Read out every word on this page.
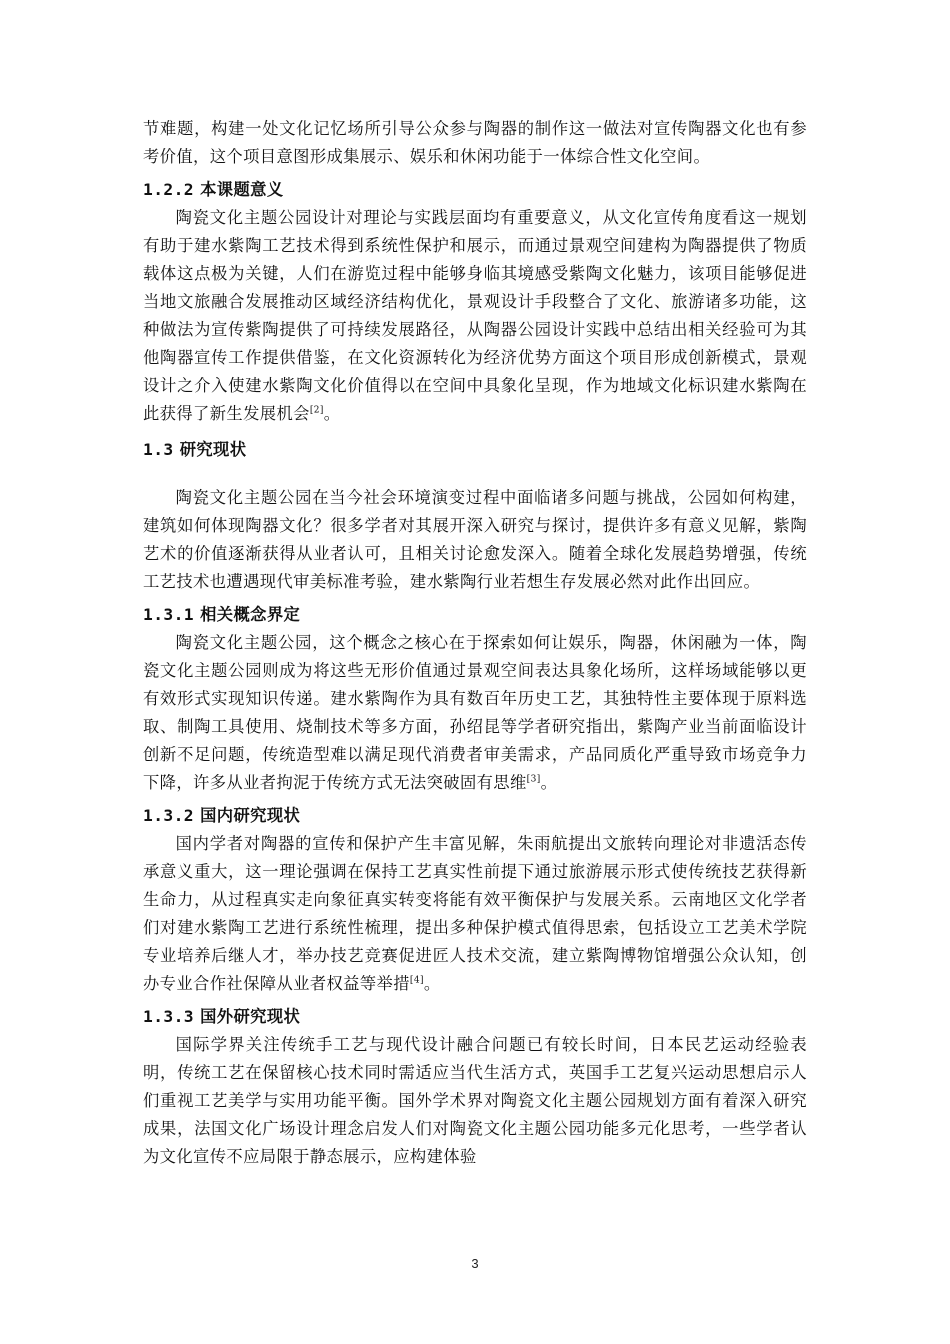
节难题，构建一处文化记忆场所引导公众参与陶器的制作这一做法对宣传陶器文化也有参考价值，这个项目意图形成集展示、娱乐和休闲功能于一体综合性文化空间。

1.2.2 本课题意义

陶瓷文化主题公园设计对理论与实践层面均有重要意义，从文化宣传角度看这一规划有助于建水紫陶工艺技术得到系统性保护和展示，而通过景观空间建构为陶器提供了物质载体这点极为关键，人们在游览过程中能够身临其境感受紫陶文化魅力，该项目能够促进当地文旅融合发展推动区域经济结构优化，景观设计手段整合了文化、旅游诸多功能，这种做法为宣传紫陶提供了可持续发展路径，从陶器公园设计实践中总结出相关经验可为其他陶器宣传工作提供借鉴，在文化资源转化为经济优势方面这个项目形成创新模式，景观设计之介入使建水紫陶文化价值得以在空间中具象化呈现，作为地域文化标识建水紫陶在此获得了新生发展机会[2]。

1.3 研究现状

陶瓷文化主题公园在当今社会环境演变过程中面临诸多问题与挑战，公园如何构建，建筑如何体现陶器文化？很多学者对其展开深入研究与探讨，提供许多有意义见解，紫陶艺术的价值逐渐获得从业者认可，且相关讨论愈发深入。随着全球化发展趋势增强，传统工艺技术也遭遇现代审美标准考验，建水紫陶行业若想生存发展必然对此作出回应。

1.3.1 相关概念界定

陶瓷文化主题公园，这个概念之核心在于探索如何让娱乐，陶器，休闲融为一体，陶瓷文化主题公园则成为将这些无形价值通过景观空间表达具象化场所，这样场域能够以更有效形式实现知识传递。建水紫陶作为具有数百年历史工艺，其独特性主要体现于原料选取、制陶工具使用、烧制技术等多方面，孙绍昆等学者研究指出，紫陶产业当前面临设计创新不足问题，传统造型难以满足现代消费者审美需求，产品同质化严重导致市场竞争力下降，许多从业者拘泥于传统方式无法突破固有思维[3]。

1.3.2 国内研究现状

国内学者对陶器的宣传和保护产生丰富见解，朱雨航提出文旅转向理论对非遗活态传承意义重大，这一理论强调在保持工艺真实性前提下通过旅游展示形式使传统技艺获得新生命力，从过程真实走向象征真实转变将能有效平衡保护与发展关系。云南地区文化学者们对建水紫陶工艺进行系统性梳理，提出多种保护模式值得思索，包括设立工艺美术学院专业培养后继人才，举办技艺竞赛促进匠人技术交流，建立紫陶博物馆增强公众认知，创办专业合作社保障从业者权益等举措[4]。

1.3.3 国外研究现状

国际学界关注传统手工艺与现代设计融合问题已有较长时间，日本民艺运动经验表明，传统工艺在保留核心技术同时需适应当代生活方式，英国手工艺复兴运动思想启示人们重视工艺美学与实用功能平衡。国外学术界对陶瓷文化主题公园规划方面有着深入研究成果，法国文化广场设计理念启发人们对陶瓷文化主题公园功能多元化思考，一些学者认为文化宣传不应局限于静态展示，应构建体验

3
